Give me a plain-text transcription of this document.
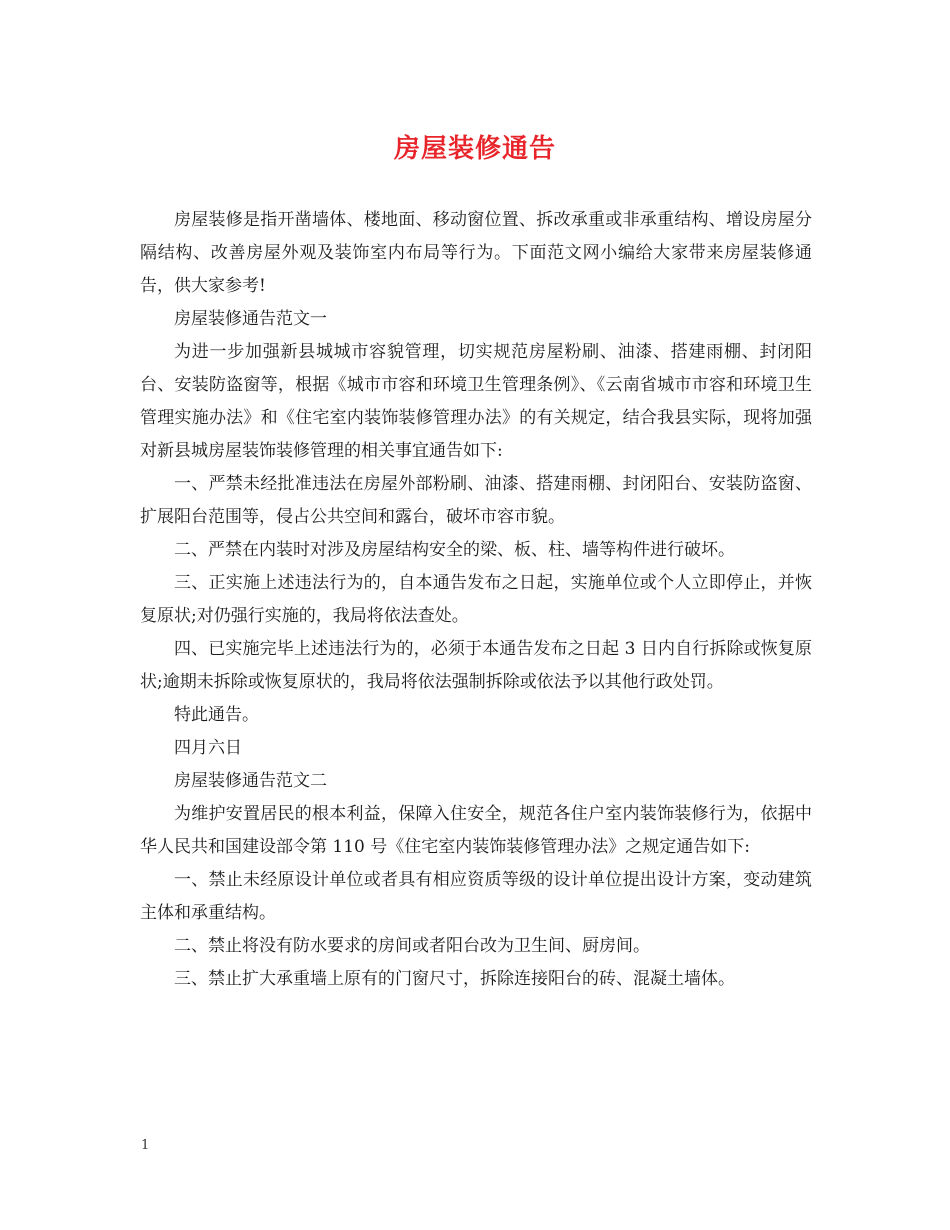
房屋装修通告

房屋装修是指开凿墙体、楼地面、移动窗位置、拆改承重或非承重结构、增设房屋分隔结构、改善房屋外观及装饰室内布局等行为。下面范文网小编给大家带来房屋装修通告，供大家参考!

房屋装修通告范文一

为进一步加强新县城城市容貌管理，切实规范房屋粉刷、油漆、搭建雨棚、封闭阳台、安装防盗窗等，根据《城市市容和环境卫生管理条例》、《云南省城市市容和环境卫生管理实施办法》和《住宅室内装饰装修管理办法》的有关规定，结合我县实际，现将加强对新县城房屋装饰装修管理的相关事宜通告如下:

一、严禁未经批准违法在房屋外部粉刷、油漆、搭建雨棚、封闭阳台、安装防盗窗、扩展阳台范围等，侵占公共空间和露台，破坏市容市貌。

二、严禁在内装时对涉及房屋结构安全的梁、板、柱、墙等构件进行破坏。

三、正实施上述违法行为的，自本通告发布之日起，实施单位或个人立即停止，并恢复原状;对仍强行实施的，我局将依法查处。

四、已实施完毕上述违法行为的，必须于本通告发布之日起 3 日内自行拆除或恢复原状;逾期未拆除或恢复原状的，我局将依法强制拆除或依法予以其他行政处罚。

特此通告。

四月六日

房屋装修通告范文二

为维护安置居民的根本利益，保障入住安全，规范各住户室内装饰装修行为，依据中华人民共和国建设部令第 110 号《住宅室内装饰装修管理办法》之规定通告如下:

一、禁止未经原设计单位或者具有相应资质等级的设计单位提出设计方案，变动建筑主体和承重结构。

二、禁止将没有防水要求的房间或者阳台改为卫生间、厨房间。

三、禁止扩大承重墙上原有的门窗尺寸，拆除连接阳台的砖、混凝土墙体。

1
